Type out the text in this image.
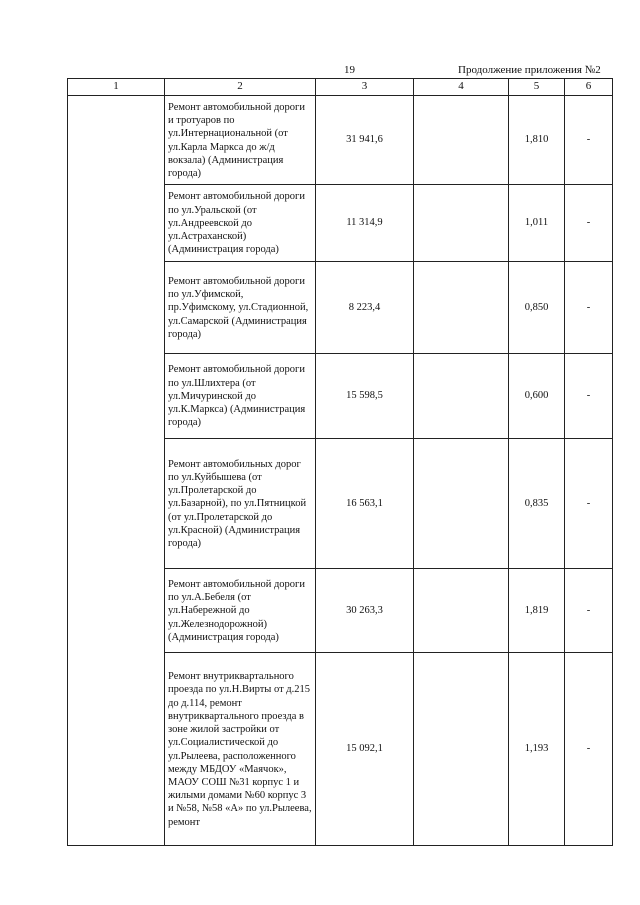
19	Продолжение приложения №2
1	2	3	4	5	6
	Ремонт автомобильной дороги и тротуаров по ул.Интернациональной (от ул.Карла Маркса до ж/д вокзала) (Администрация города)	31 941,6		1,810	-
	Ремонт автомобильной дороги по ул.Уральской (от ул.Андреевской до ул.Астраханской) (Администрация города)	11 314,9		1,011	-
	Ремонт автомобильной дороги по ул.Уфимской, пр.Уфимскому, ул.Стадионной, ул.Самарской (Администрация города)	8 223,4		0,850	-
	Ремонт автомобильной дороги по ул.Шлихтера (от ул.Мичуринской до ул.К.Маркса) (Администрация города)	15 598,5		0,600	-
	Ремонт автомобильных дорог по ул.Куйбышева (от ул.Пролетарской до ул.Базарной), по ул.Пятницкой (от ул.Пролетарской до ул.Красной) (Администрация города)	16 563,1		0,835	-
	Ремонт автомобильной дороги по ул.А.Бебеля (от ул.Набережной до ул.Железнодорожной) (Администрация города)	30 263,3		1,819	-
	Ремонт внутриквартального проезда по ул.Н.Вирты от д.215 до д.114, ремонт внутриквартального проезда в зоне жилой застройки от ул.Социалистической до ул.Рылеева, расположенного между МБДОУ «Маячок», МАОУ СОШ №31 корпус 1 и жилыми домами №60 корпус 3 и №58, №58 «А» по ул.Рылеева, ремонт	15 092,1		1,193	-
